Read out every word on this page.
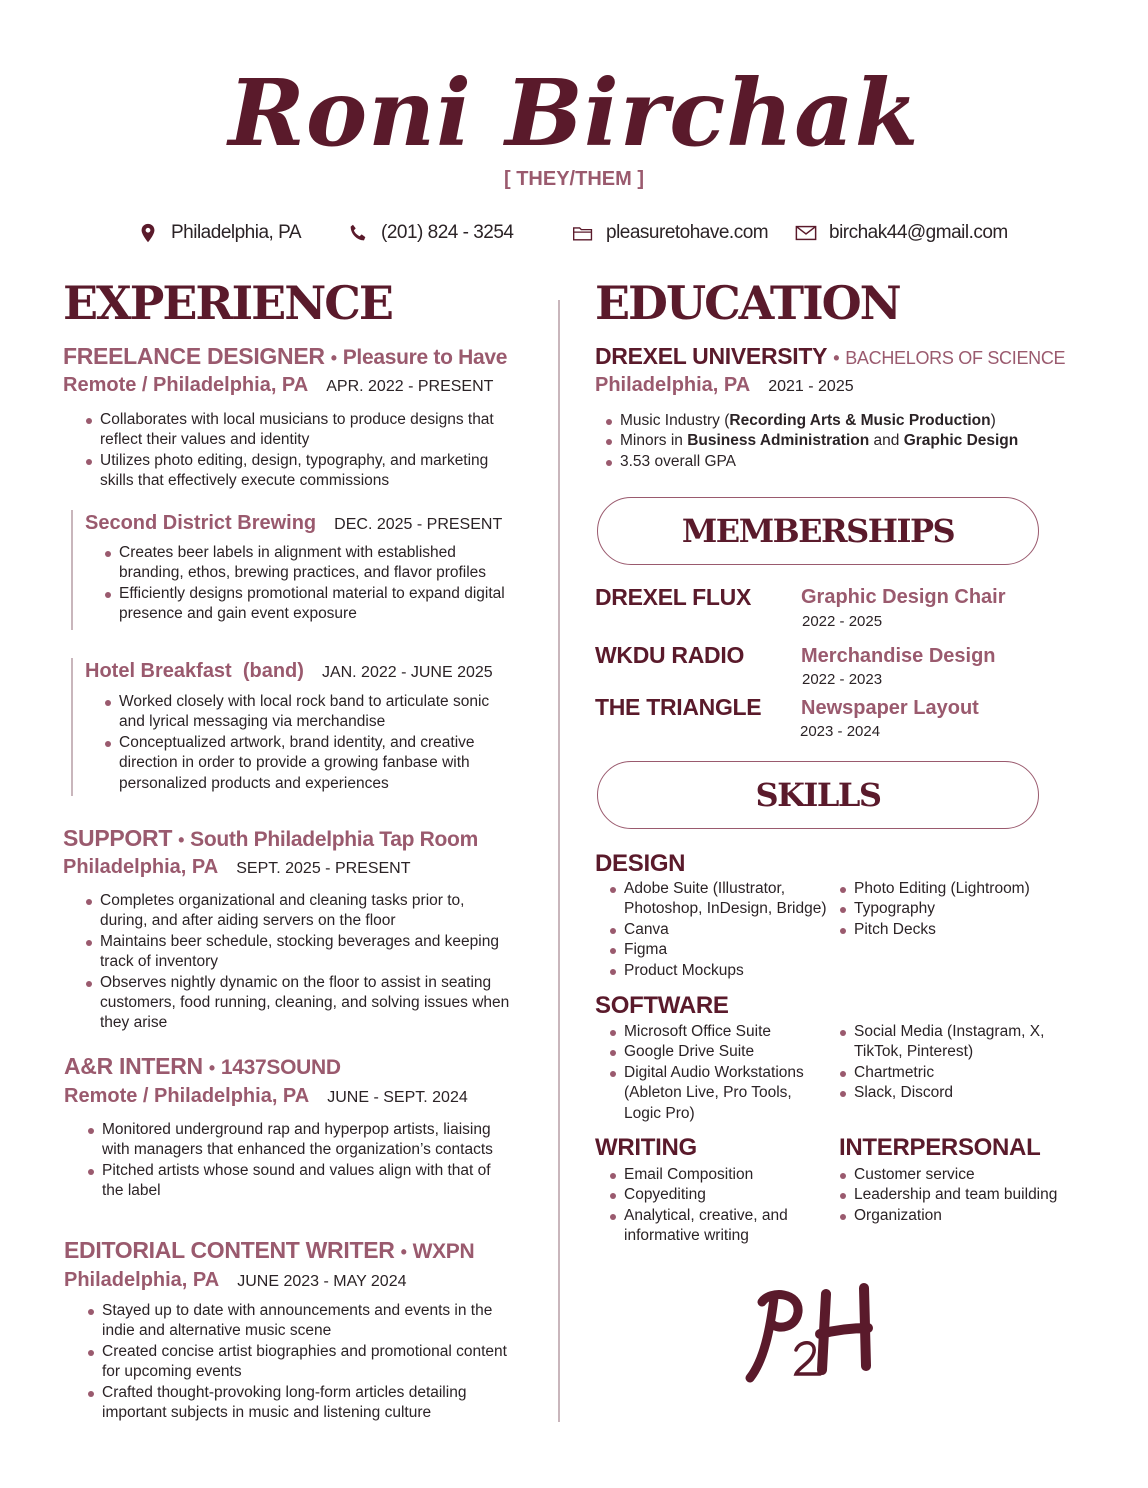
Roni Birchak
[ THEY/THEM ]
Philadelphia, PA	(201) 824 - 3254	pleasuretohave.com	birchak44@gmail.com
EXPERIENCE
FREELANCE DESIGNER • Pleasure to Have
Remote / Philadelphia, PA APR. 2022 - PRESENT
Collaborates with local musicians to produce designs that reflect their values and identity
Utilizes photo editing, design, typography, and marketing skills that effectively execute commissions
Second District Brewing DEC. 2025 - PRESENT
Creates beer labels in alignment with established branding, ethos, brewing practices, and flavor profiles
Efficiently designs promotional material to expand digital presence and gain event exposure
Hotel Breakfast  (band) JAN. 2022 - JUNE 2025
Worked closely with local rock band to articulate sonic and lyrical messaging via merchandise
Conceptualized artwork, brand identity, and creative direction in order to provide a growing fanbase with personalized products and experiences
SUPPORT • South Philadelphia Tap Room
Philadelphia, PA SEPT. 2025 - PRESENT
Completes organizational and cleaning tasks prior to, during, and after aiding servers on the floor
Maintains beer schedule, stocking beverages and keeping track of inventory
Observes nightly dynamic on the floor to assist in seating customers, food running, cleaning, and solving issues when they arise
A&R INTERN • 1437SOUND
Remote / Philadelphia, PA JUNE - SEPT. 2024
Monitored underground rap and hyperpop artists, liaising with managers that enhanced the organization’s contacts
Pitched artists whose sound and values align with that of the label
EDITORIAL CONTENT WRITER • WXPN
Philadelphia, PA JUNE 2023 - MAY 2024
Stayed up to date with announcements and events in the indie and alternative music scene
Created concise artist biographies and promotional content for upcoming events
Crafted thought-provoking long-form articles detailing important subjects in music and listening culture
EDUCATION
DREXEL UNIVERSITY • BACHELORS OF SCIENCE
Philadelphia, PA 2021 - 2025
Music Industry (Recording Arts & Music Production)
Minors in Business Administration and Graphic Design
3.53 overall GPA
MEMBERSHIPS
DREXEL FLUX Graphic Design Chair
2022 - 2025
WKDU RADIO	Merchandise Design
2022 - 2023
THE TRIANGLE Newspaper Layout
2023 - 2024
SKILLS
DESIGN
Adobe Suite (Illustrator, Photoshop, InDesign, Bridge)
Canva
Figma
Product Mockups
Photo Editing (Lightroom)
Typography
Pitch Decks
SOFTWARE
Microsoft Office Suite
Google Drive Suite
Digital Audio Workstations (Ableton Live, Pro Tools, Logic Pro)
Social Media (Instagram, X, TikTok, Pinterest)
Chartmetric
Slack, Discord
WRITING
Email Composition
Copyediting
Analytical, creative, and informative writing
INTERPERSONAL
Customer service
Leadership and team building
Organization
P2H
